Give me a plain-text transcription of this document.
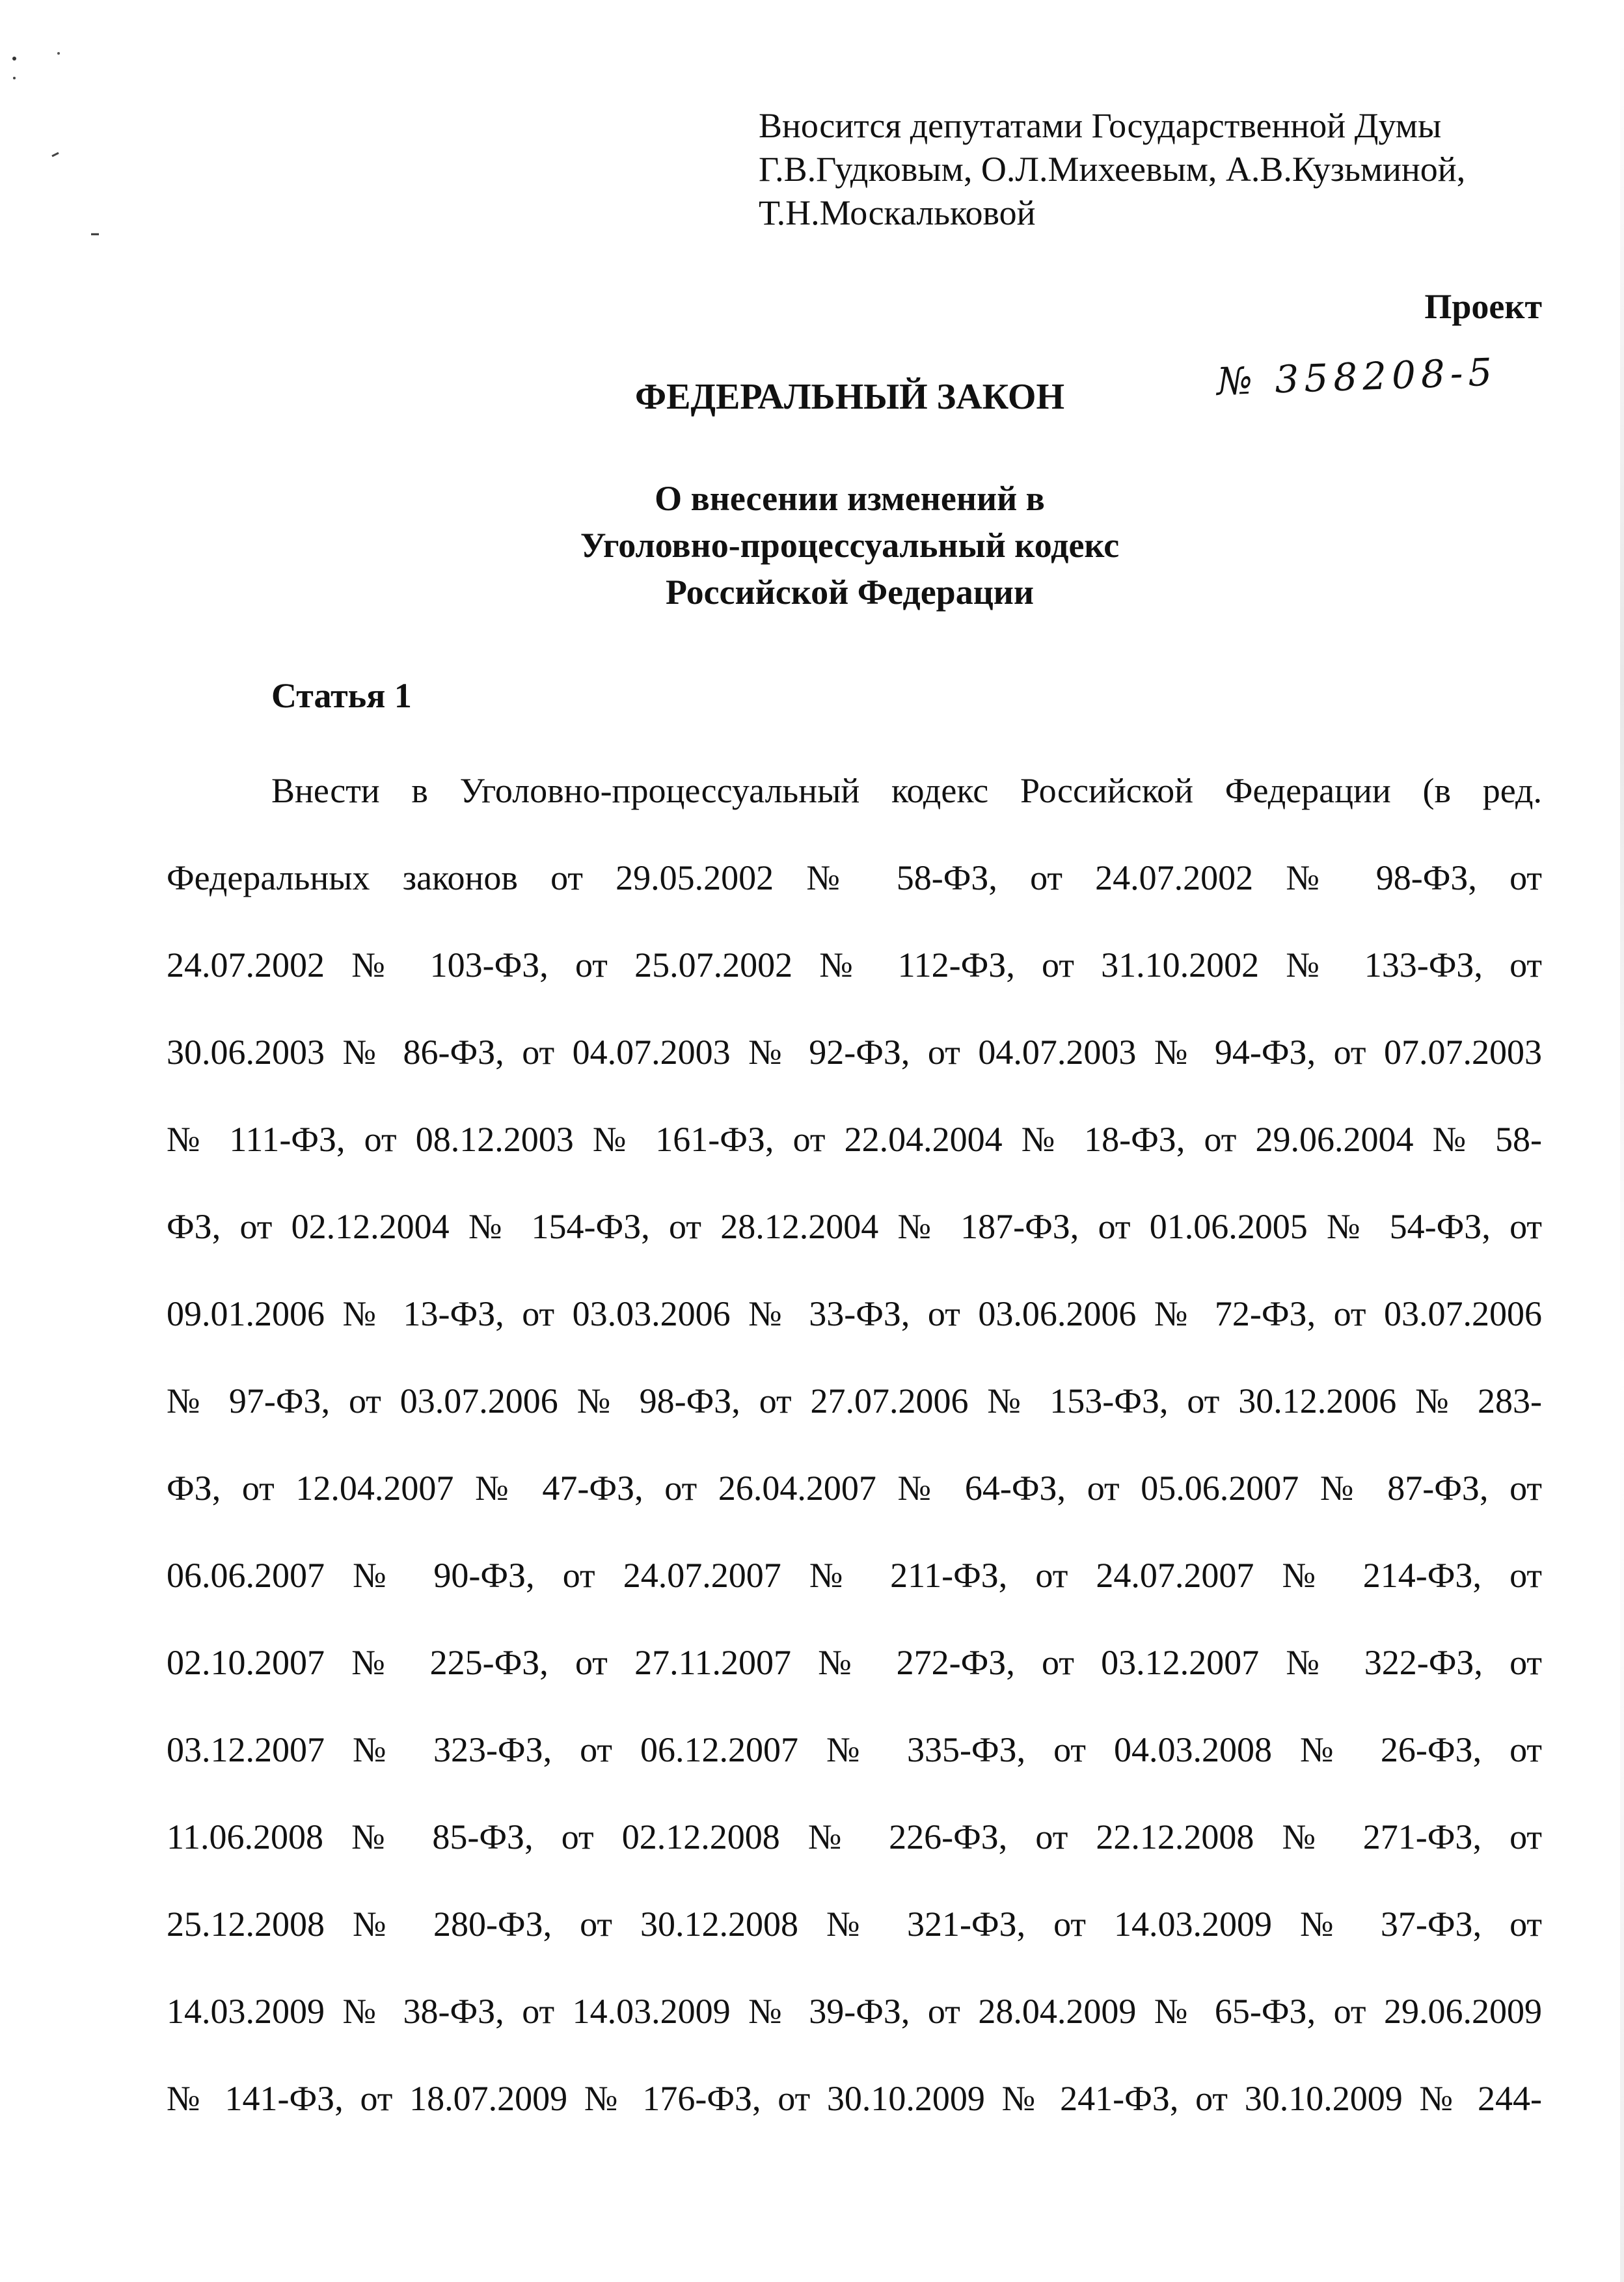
Вносится депутатами Государственной Думы
Г.В.Гудковым, О.Л.Михеевым, А.В.Кузьминой,
Т.Н.Москальковой
Проект
№ 358208-5
ФЕДЕРАЛЬНЫЙ ЗАКОН
О внесении изменений в
Уголовно-процессуальный кодекс
Российской Федерации
Статья 1
Внести в Уголовно-процессуальный кодекс Российской Федерации (в ред.
Федеральных законов от 29.05.2002 № 58-ФЗ, от 24.07.2002 № 98-ФЗ, от
24.07.2002 № 103-ФЗ, от 25.07.2002 № 112-ФЗ, от 31.10.2002 № 133-ФЗ, от
30.06.2003 № 86-ФЗ, от 04.07.2003 № 92-ФЗ, от 04.07.2003 № 94-ФЗ, от 07.07.2003
№ 111-ФЗ, от 08.12.2003 № 161-ФЗ, от 22.04.2004 № 18-ФЗ, от 29.06.2004 № 58-
ФЗ, от 02.12.2004 № 154-ФЗ, от 28.12.2004 № 187-ФЗ, от 01.06.2005 № 54-ФЗ, от
09.01.2006 № 13-ФЗ, от 03.03.2006 № 33-ФЗ, от 03.06.2006 № 72-ФЗ, от 03.07.2006
№ 97-ФЗ, от 03.07.2006 № 98-ФЗ, от 27.07.2006 № 153-ФЗ, от 30.12.2006 № 283-
ФЗ, от 12.04.2007 № 47-ФЗ, от 26.04.2007 № 64-ФЗ, от 05.06.2007 № 87-ФЗ, от
06.06.2007 № 90-ФЗ, от 24.07.2007 № 211-ФЗ, от 24.07.2007 № 214-ФЗ, от
02.10.2007 № 225-ФЗ, от 27.11.2007 № 272-ФЗ, от 03.12.2007 № 322-ФЗ, от
03.12.2007 № 323-ФЗ, от 06.12.2007 № 335-ФЗ, от 04.03.2008 № 26-ФЗ, от
11.06.2008 № 85-ФЗ, от 02.12.2008 № 226-ФЗ, от 22.12.2008 № 271-ФЗ, от
25.12.2008 № 280-ФЗ, от 30.12.2008 № 321-ФЗ, от 14.03.2009 № 37-ФЗ, от
14.03.2009 № 38-ФЗ, от 14.03.2009 № 39-ФЗ, от 28.04.2009 № 65-ФЗ, от 29.06.2009
№ 141-ФЗ, от 18.07.2009 № 176-ФЗ, от 30.10.2009 № 241-ФЗ, от 30.10.2009 № 244-
